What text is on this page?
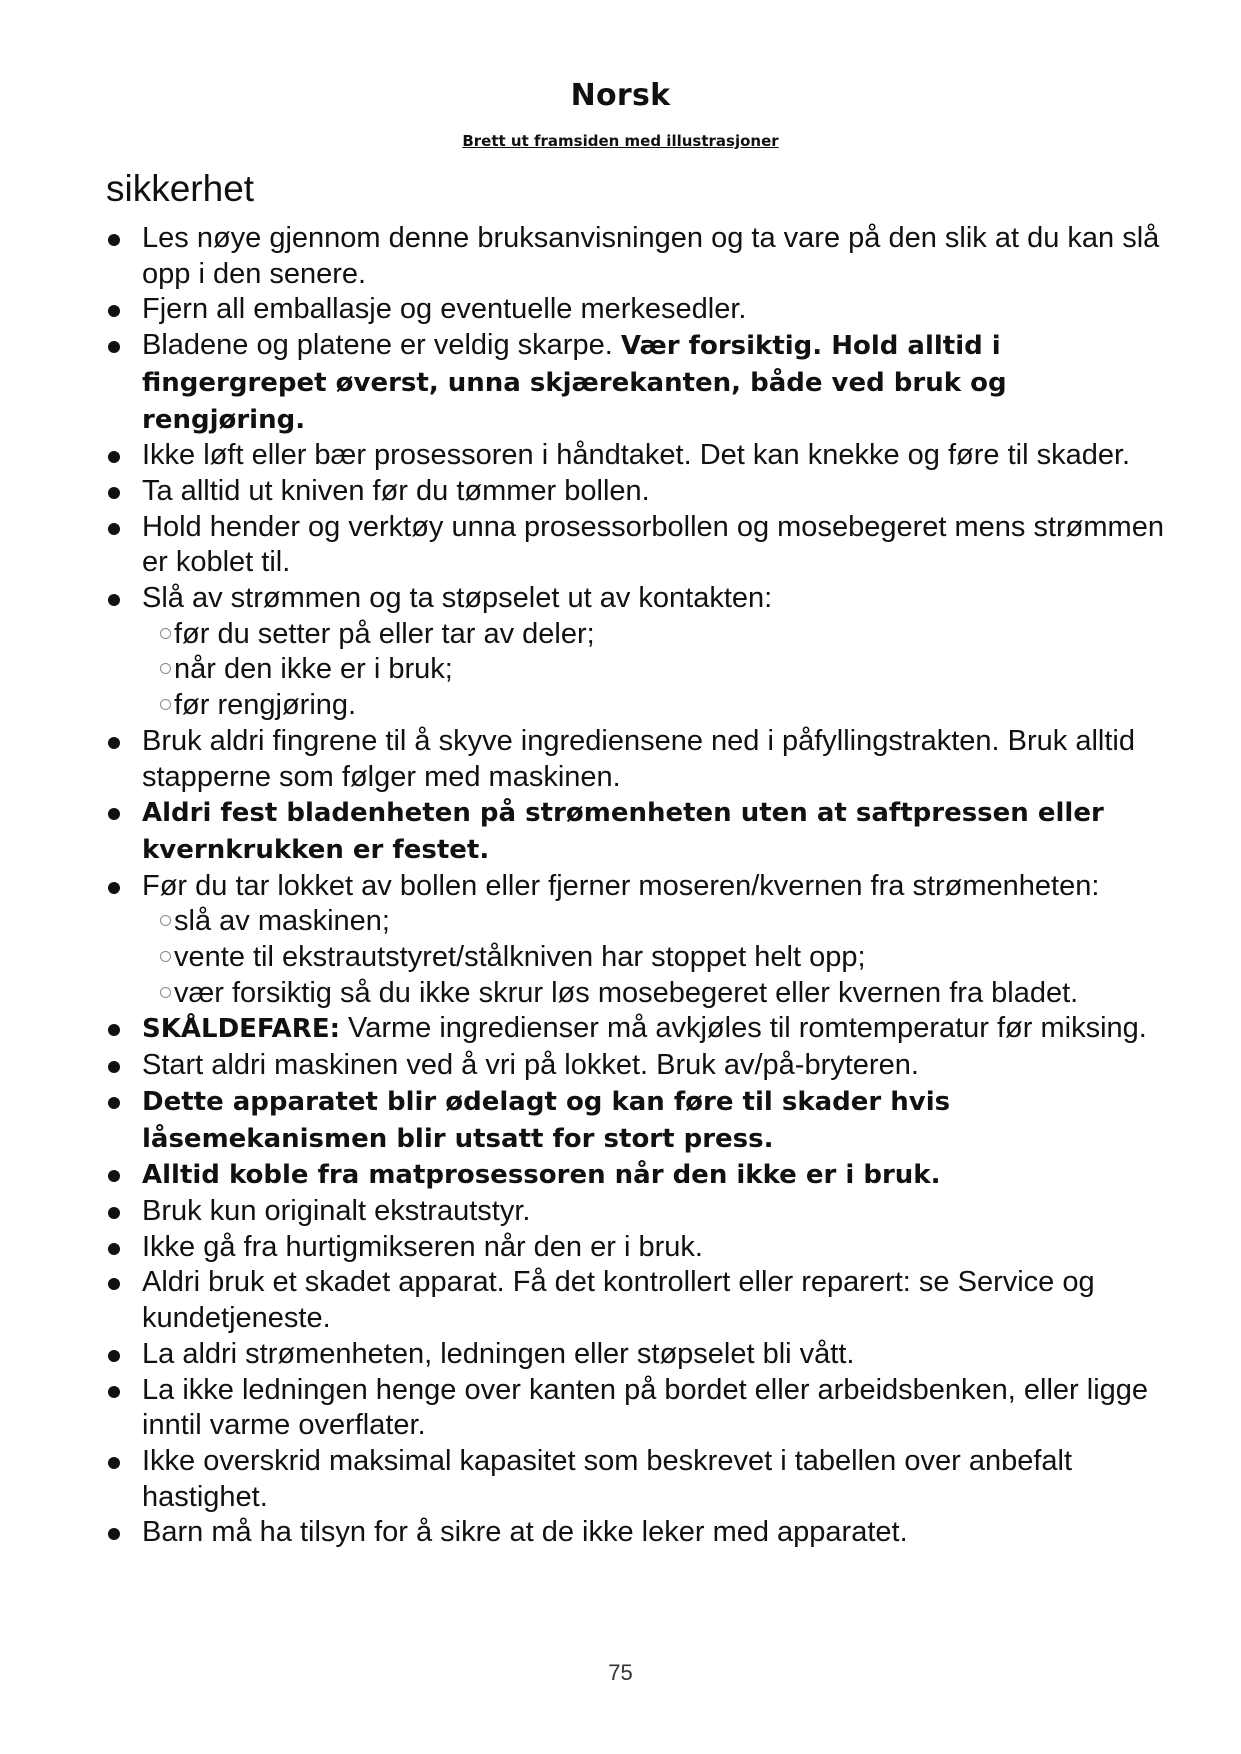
Norsk
Brett ut framsiden med illustrasjoner
sikkerhet
Les nøye gjennom denne bruksanvisningen og ta vare på den slik at du kan slå opp i den senere.
Fjern all emballasje og eventuelle merkesedler.
Bladene og platene er veldig skarpe. Vær forsiktig. Hold alltid i fingergrepet øverst, unna skjærekanten, både ved bruk og rengjøring.
Ikke løft eller bær prosessoren i håndtaket. Det kan knekke og føre til skader.
Ta alltid ut kniven før du tømmer bollen.
Hold hender og verktøy unna prosessorbollen og mosebegeret mens strømmen er koblet til.
Slå av strømmen og ta støpselet ut av kontakten:
før du setter på eller tar av deler;
når den ikke er i bruk;
før rengjøring.
Bruk aldri fingrene til å skyve ingrediensene ned i påfyllingstrakten. Bruk alltid stapperne som følger med maskinen.
Aldri fest bladenheten på strømenheten uten at saftpressen eller kvernkrukken er festet.
Før du tar lokket av bollen eller fjerner moseren/kvernen fra strømenheten:
slå av maskinen;
vente til ekstrautstyret/stålkniven har stoppet helt opp;
vær forsiktig så du ikke skrur løs mosebegeret eller kvernen fra bladet.
SKÅLDEFARE: Varme ingredienser må avkjøles til romtemperatur før miksing.
Start aldri maskinen ved å vri på lokket. Bruk av/på-bryteren.
Dette apparatet blir ødelagt og kan føre til skader hvis låsemekanismen blir utsatt for stort press.
Alltid koble fra matprosessoren når den ikke er i bruk.
Bruk kun originalt ekstrautstyr.
Ikke gå fra hurtigmikseren når den er i bruk.
Aldri bruk et skadet apparat. Få det kontrollert eller reparert: se Service og kundetjeneste.
La aldri strømenheten, ledningen eller støpselet bli vått.
La ikke ledningen henge over kanten på bordet eller arbeidsbenken, eller ligge inntil varme overflater.
Ikke overskrid maksimal kapasitet som beskrevet i tabellen over anbefalt hastighet.
Barn må ha tilsyn for å sikre at de ikke leker med apparatet.
75
